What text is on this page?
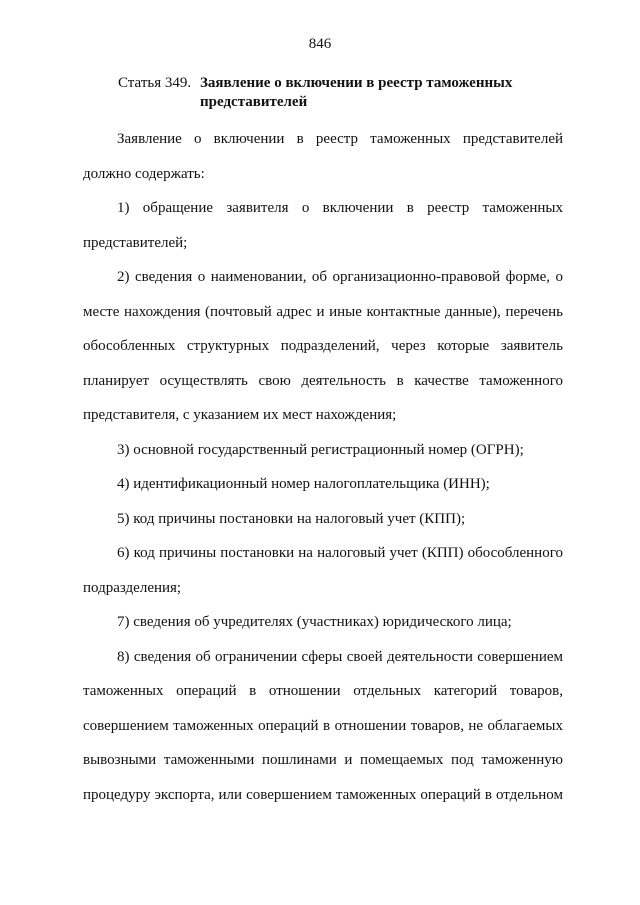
846
Статья 349. Заявление о включении в реестр таможенных
представителей

Заявление о включении в реестр таможенных представителей
должно содержать:

1) обращение заявителя о включении в реестр таможенных
представителей;

2) сведения о наименовании, об организационно-правовой форме, о
месте нахождения (почтовый адрес и иные контактные данные), перечень
обособленных структурных подразделений, через которые заявитель
планирует осуществлять свою деятельность в качестве таможенного
представителя, с указанием их мест нахождения;

3) основной государственный регистрационный номер (ОГРН);

4) идентификационный номер налогоплательщика (ИНН);

5) код причины постановки на налоговый учет (КПП);

6) код причины постановки на налоговый учет (КПП) обособленного
подразделения;

7) сведения об учредителях (участниках) юридического лица;

8) сведения об ограничении сферы своей деятельности совершением
таможенных операций в отношении отдельных категорий товаров,
совершением таможенных операций в отношении товаров, не облагаемых
вывозными таможенными пошлинами и помещаемых под таможенную
процедуру экспорта, или совершением таможенных операций в отдельном
